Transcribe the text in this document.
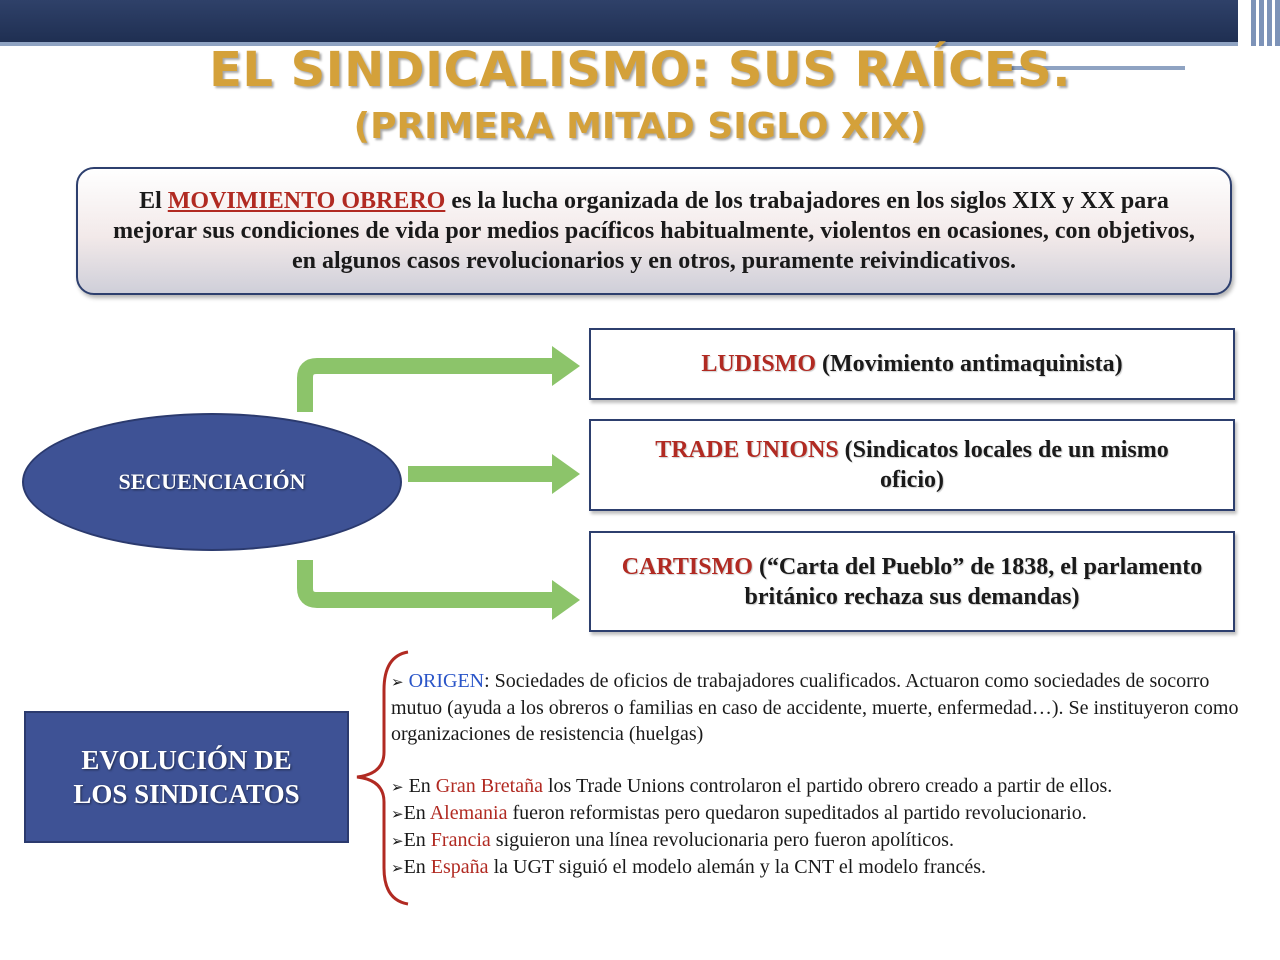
EL SINDICALISMO: SUS RAÍCES.
(PRIMERA MITAD SIGLO XIX)
El MOVIMIENTO OBRERO es la lucha organizada de los trabajadores en los siglos XIX y XX para mejorar sus condiciones de vida por medios pacíficos habitualmente, violentos en ocasiones, con objetivos, en algunos casos revolucionarios y en otros, puramente reivindicativos.
SECUENCIACIÓN
LUDISMO (Movimiento antimaquinista)
TRADE UNIONS (Sindicatos locales de un mismo oficio)
CARTISMO (“Carta del Pueblo” de 1838, el parlamento británico rechaza sus demandas)
EVOLUCIÓN DE
LOS SINDICATOS

➢ ORIGEN: Sociedades de oficios de trabajadores cualificados. Actuaron como sociedades de socorro mutuo (ayuda a los obreros o familias en caso de accidente, muerte, enfermedad…). Se instituyeron como organizaciones de resistencia (huelgas)

➢ En Gran Bretaña los Trade Unions controlaron el partido obrero creado a partir de ellos.

➢En Alemania fueron reformistas pero quedaron supeditados al partido revolucionario.

➢En Francia siguieron una línea revolucionaria pero fueron apolíticos.

➢En España la UGT siguió el modelo alemán y la CNT el modelo francés.
